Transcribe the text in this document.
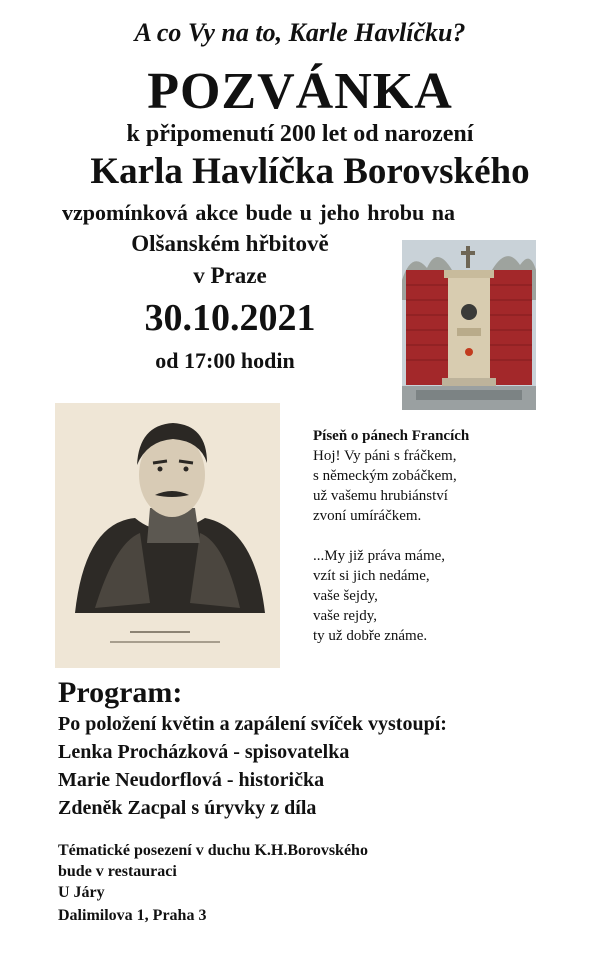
A co Vy na to, Karle Havlíčku?
POZVÁNKA
k připomenutí 200 let od narození
Karla Havlíčka Borovského
vzpomínková akce bude u jeho hrobu na
Olšanském hřbitově
v Praze
30.10.2021
od 17:00 hodin
Píseň o pánech Francích
Hoj! Vy páni s fráčkem,
s německým zobáčkem,
už vašemu hrubiánství
zvoní umíráčkem.
...My již práva máme,
vzít si jich nedáme,
vaše šejdy,
vaše rejdy,
ty už dobře známe.
Program:
Po položení květin a zapálení svíček vystoupí:
Lenka Procházková - spisovatelka
Marie Neudorflová - historička
Zdeněk Zacpal s úryvky z díla
Tématické posezení v duchu K.H.Borovského
bude v restauraci
U Járy
Dalimilova 1, Praha 3
